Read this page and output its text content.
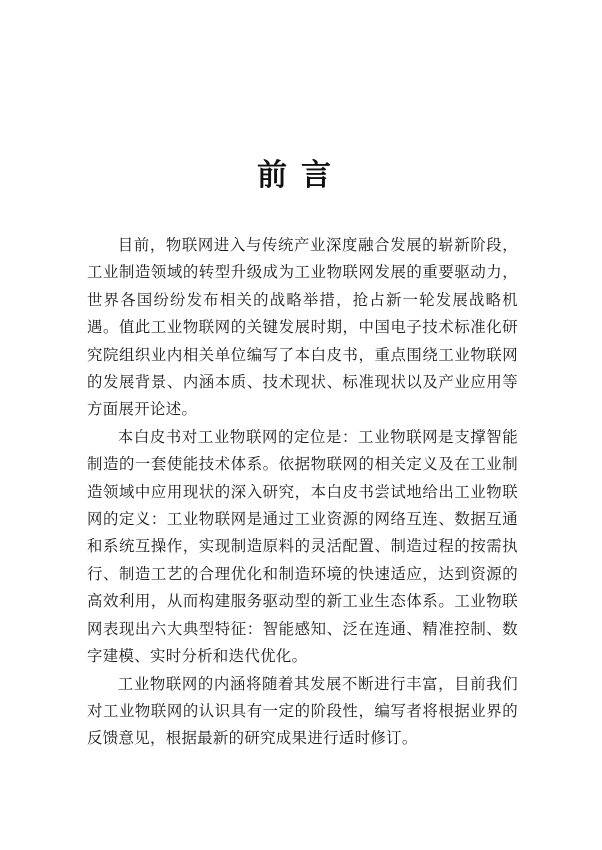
前言

目前，物联网进入与传统产业深度融合发展的崭新阶段，工业制造领域的转型升级成为工业物联网发展的重要驱动力，世界各国纷纷发布相关的战略举措，抢占新一轮发展战略机遇。值此工业物联网的关键发展时期，中国电子技术标准化研究院组织业内相关单位编写了本白皮书，重点围绕工业物联网的发展背景、内涵本质、技术现状、标准现状以及产业应用等方面展开论述。

本白皮书对工业物联网的定位是：工业物联网是支撑智能制造的一套使能技术体系。依据物联网的相关定义及在工业制造领域中应用现状的深入研究，本白皮书尝试地给出工业物联网的定义：工业物联网是通过工业资源的网络互连、数据互通和系统互操作，实现制造原料的灵活配置、制造过程的按需执行、制造工艺的合理优化和制造环境的快速适应，达到资源的高效利用，从而构建服务驱动型的新工业生态体系。工业物联网表现出六大典型特征：智能感知、泛在连通、精准控制、数字建模、实时分析和迭代优化。

工业物联网的内涵将随着其发展不断进行丰富，目前我们对工业物联网的认识具有一定的阶段性，编写者将根据业界的反馈意见，根据最新的研究成果进行适时修订。
